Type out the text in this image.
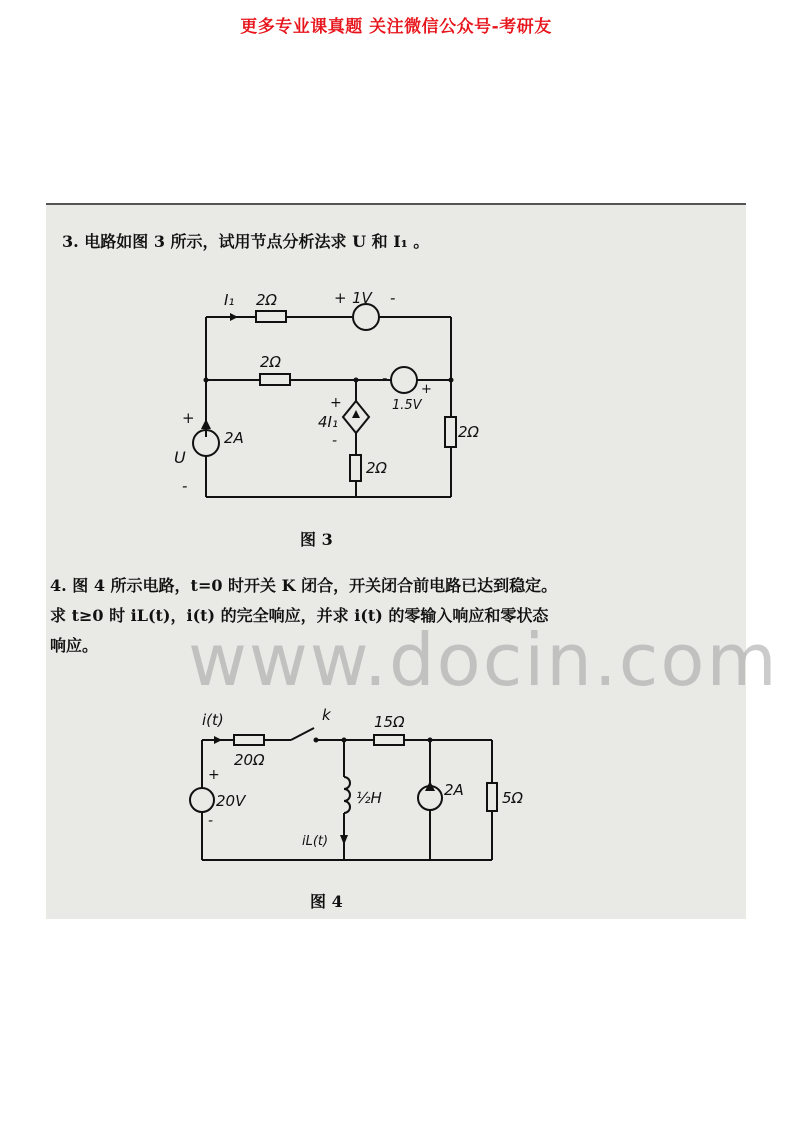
更多专业课真题 关注微信公众号-考研友
3. 电路如图 3 所示，试用节点分析法求 U 和 I₁ 。
I₁ 2Ω	+ 1V -
2Ω
-
+
1.5V
+
U
-
2A
+
4I₁
-	2Ω
2Ω
图 3
4. 图 4 所示电路，t=0 时开关 K 闭合，开关闭合前电路已达到稳定。
求 t≥0 时 iL(t)，i(t) 的完全响应，并求 i(t) 的零输入响应和零状态
响应。
i(t)
20Ω
k	15Ω
+
20V
-
½H
iL(t)
2A	5Ω
图 4
www.docin.com
